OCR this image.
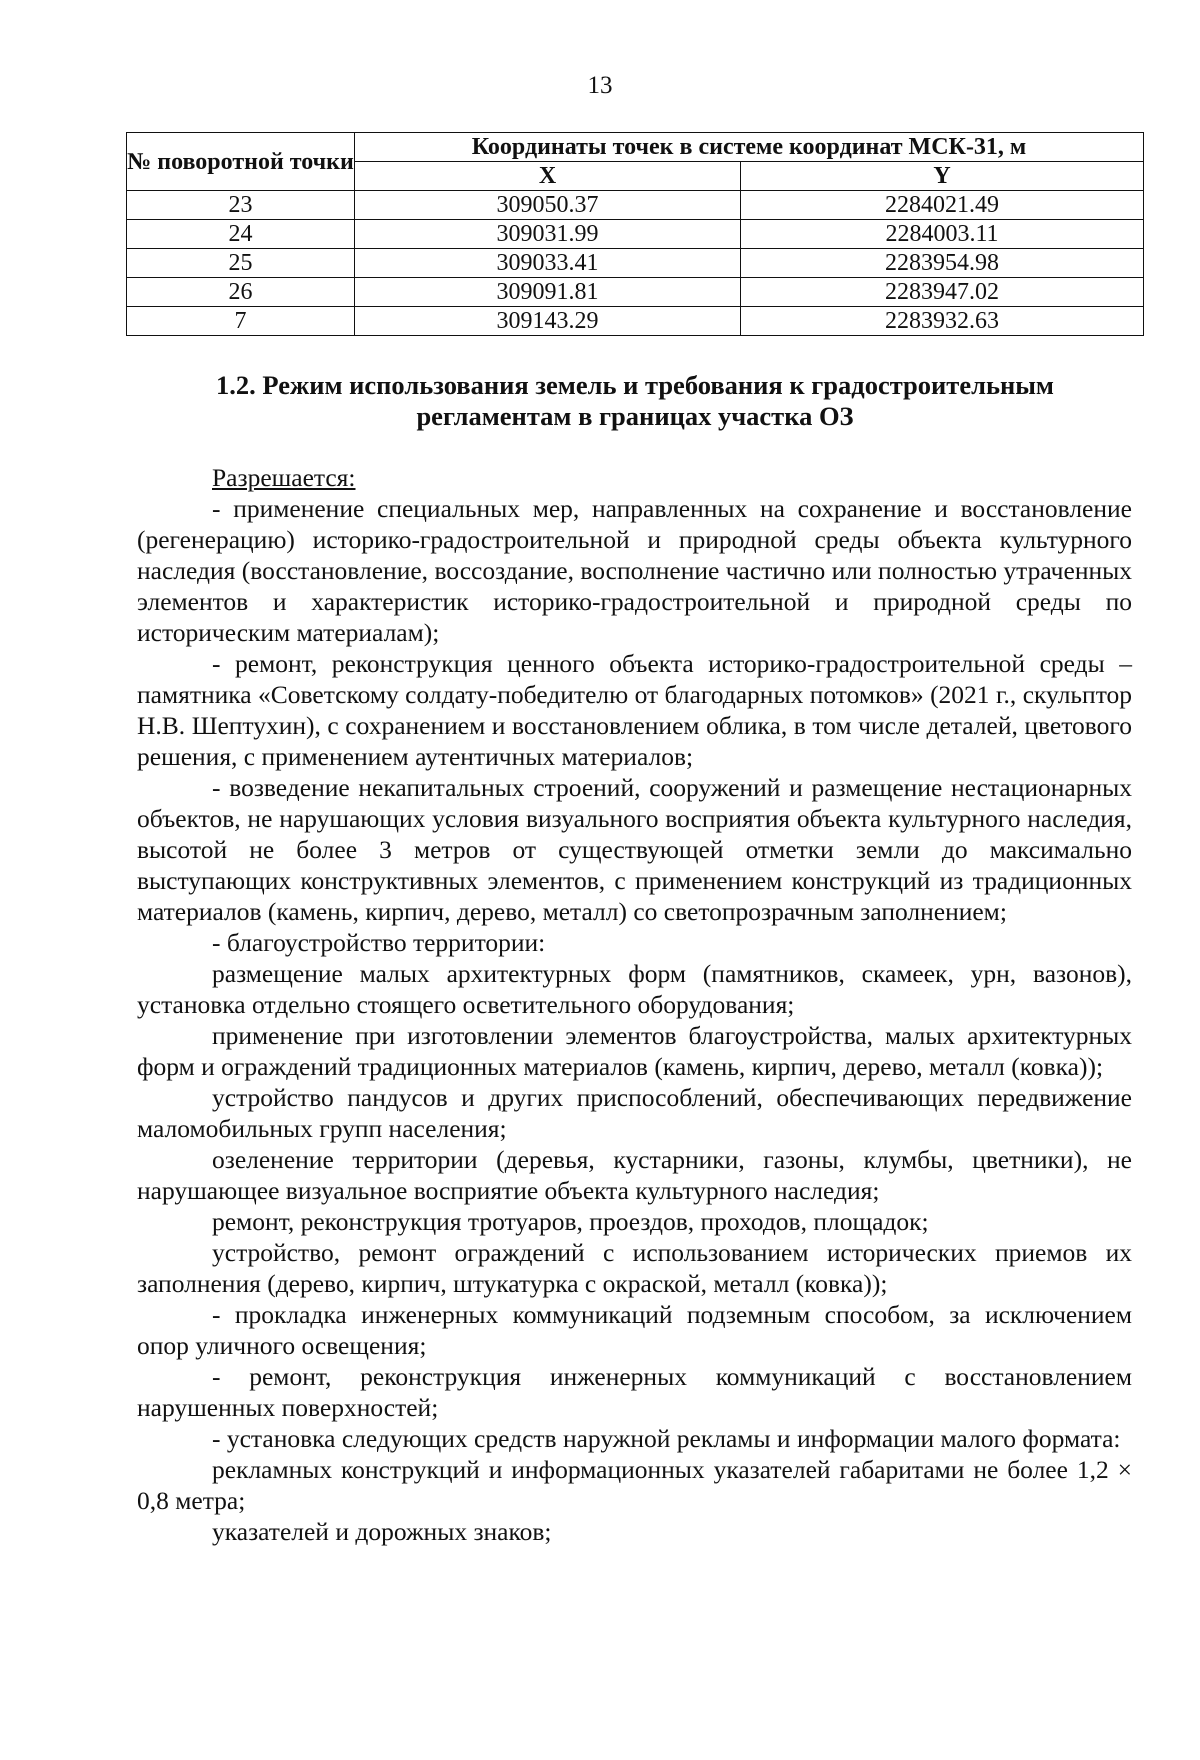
13
№ поворотной точки	Координаты точек в системе координат МСК-31, м	
	X	Y
23	309050.37	2284021.49
24	309031.99	2284003.11
25	309033.41	2283954.98
26	309091.81	2283947.02
7	309143.29	2283932.63
1.2. Режим использования земель и требования к градостроительным
регламентам в границах участка ОЗ

Разрешается:

- применение специальных мер, направленных на сохранение и восстановление (регенерацию) историко-градостроительной и природной среды объекта культурного наследия (восстановление, воссоздание, восполнение частично или полностью утраченных элементов и характеристик историко-градостроительной и природной среды по историческим материалам);

- ремонт, реконструкция ценного объекта историко-градостроительной среды – памятника «Советскому солдату-победителю от благодарных потомков» (2021 г., скульптор Н.В. Шептухин), с сохранением и восстановлением облика, в том числе деталей, цветового решения, с применением аутентичных материалов;

- возведение некапитальных строений, сооружений и размещение нестационарных объектов, не нарушающих условия визуального восприятия объекта культурного наследия, высотой не более 3 метров от существующей отметки земли до максимально выступающих конструктивных элементов, с применением конструкций из традиционных материалов (камень, кирпич, дерево, металл) со светопрозрачным заполнением;

- благоустройство территории:

размещение малых архитектурных форм (памятников, скамеек, урн, вазонов), установка отдельно стоящего осветительного оборудования;

применение при изготовлении элементов благоустройства, малых архитектурных форм и ограждений традиционных материалов (камень, кирпич, дерево, металл (ковка));

устройство пандусов и других приспособлений, обеспечивающих передвижение маломобильных групп населения;

озеленение территории (деревья, кустарники, газоны, клумбы, цветники), не нарушающее визуальное восприятие объекта культурного наследия;

ремонт, реконструкция тротуаров, проездов, проходов, площадок;

устройство, ремонт ограждений с использованием исторических приемов их заполнения (дерево, кирпич, штукатурка с окраской, металл (ковка));

- прокладка инженерных коммуникаций подземным способом, за исключением опор уличного освещения;

- ремонт, реконструкция инженерных коммуникаций с восстановлением нарушенных поверхностей;

- установка следующих средств наружной рекламы и информации малого формата:

рекламных конструкций и информационных указателей габаритами не более 1,2 × 0,8 метра;

указателей и дорожных знаков;
